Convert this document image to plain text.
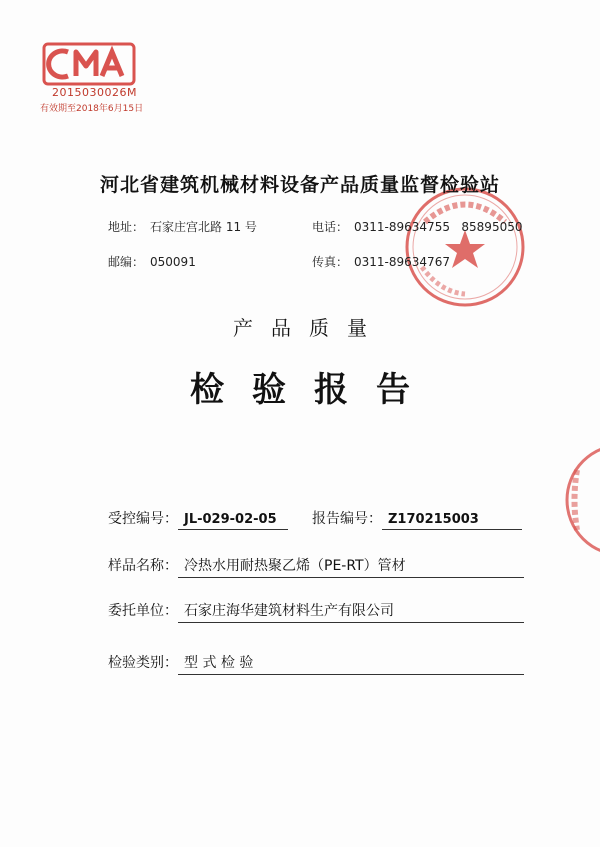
2015030026M
有效期至2018年6月15日
河北省建筑机械材料设备产品质量监督检验站
地址： 石家庄宫北路 11 号	电话： 0311-89634755   85895050
邮编： 050091	传真： 0311-89634767
产品质量
检验报告
受控编号： JL-029-02-05	报告编号： Z170215003
样品名称： 冷热水用耐热聚乙烯（PE-RT）管材
委托单位： 石家庄海华建筑材料生产有限公司
检验类别： 型 式 检 验
